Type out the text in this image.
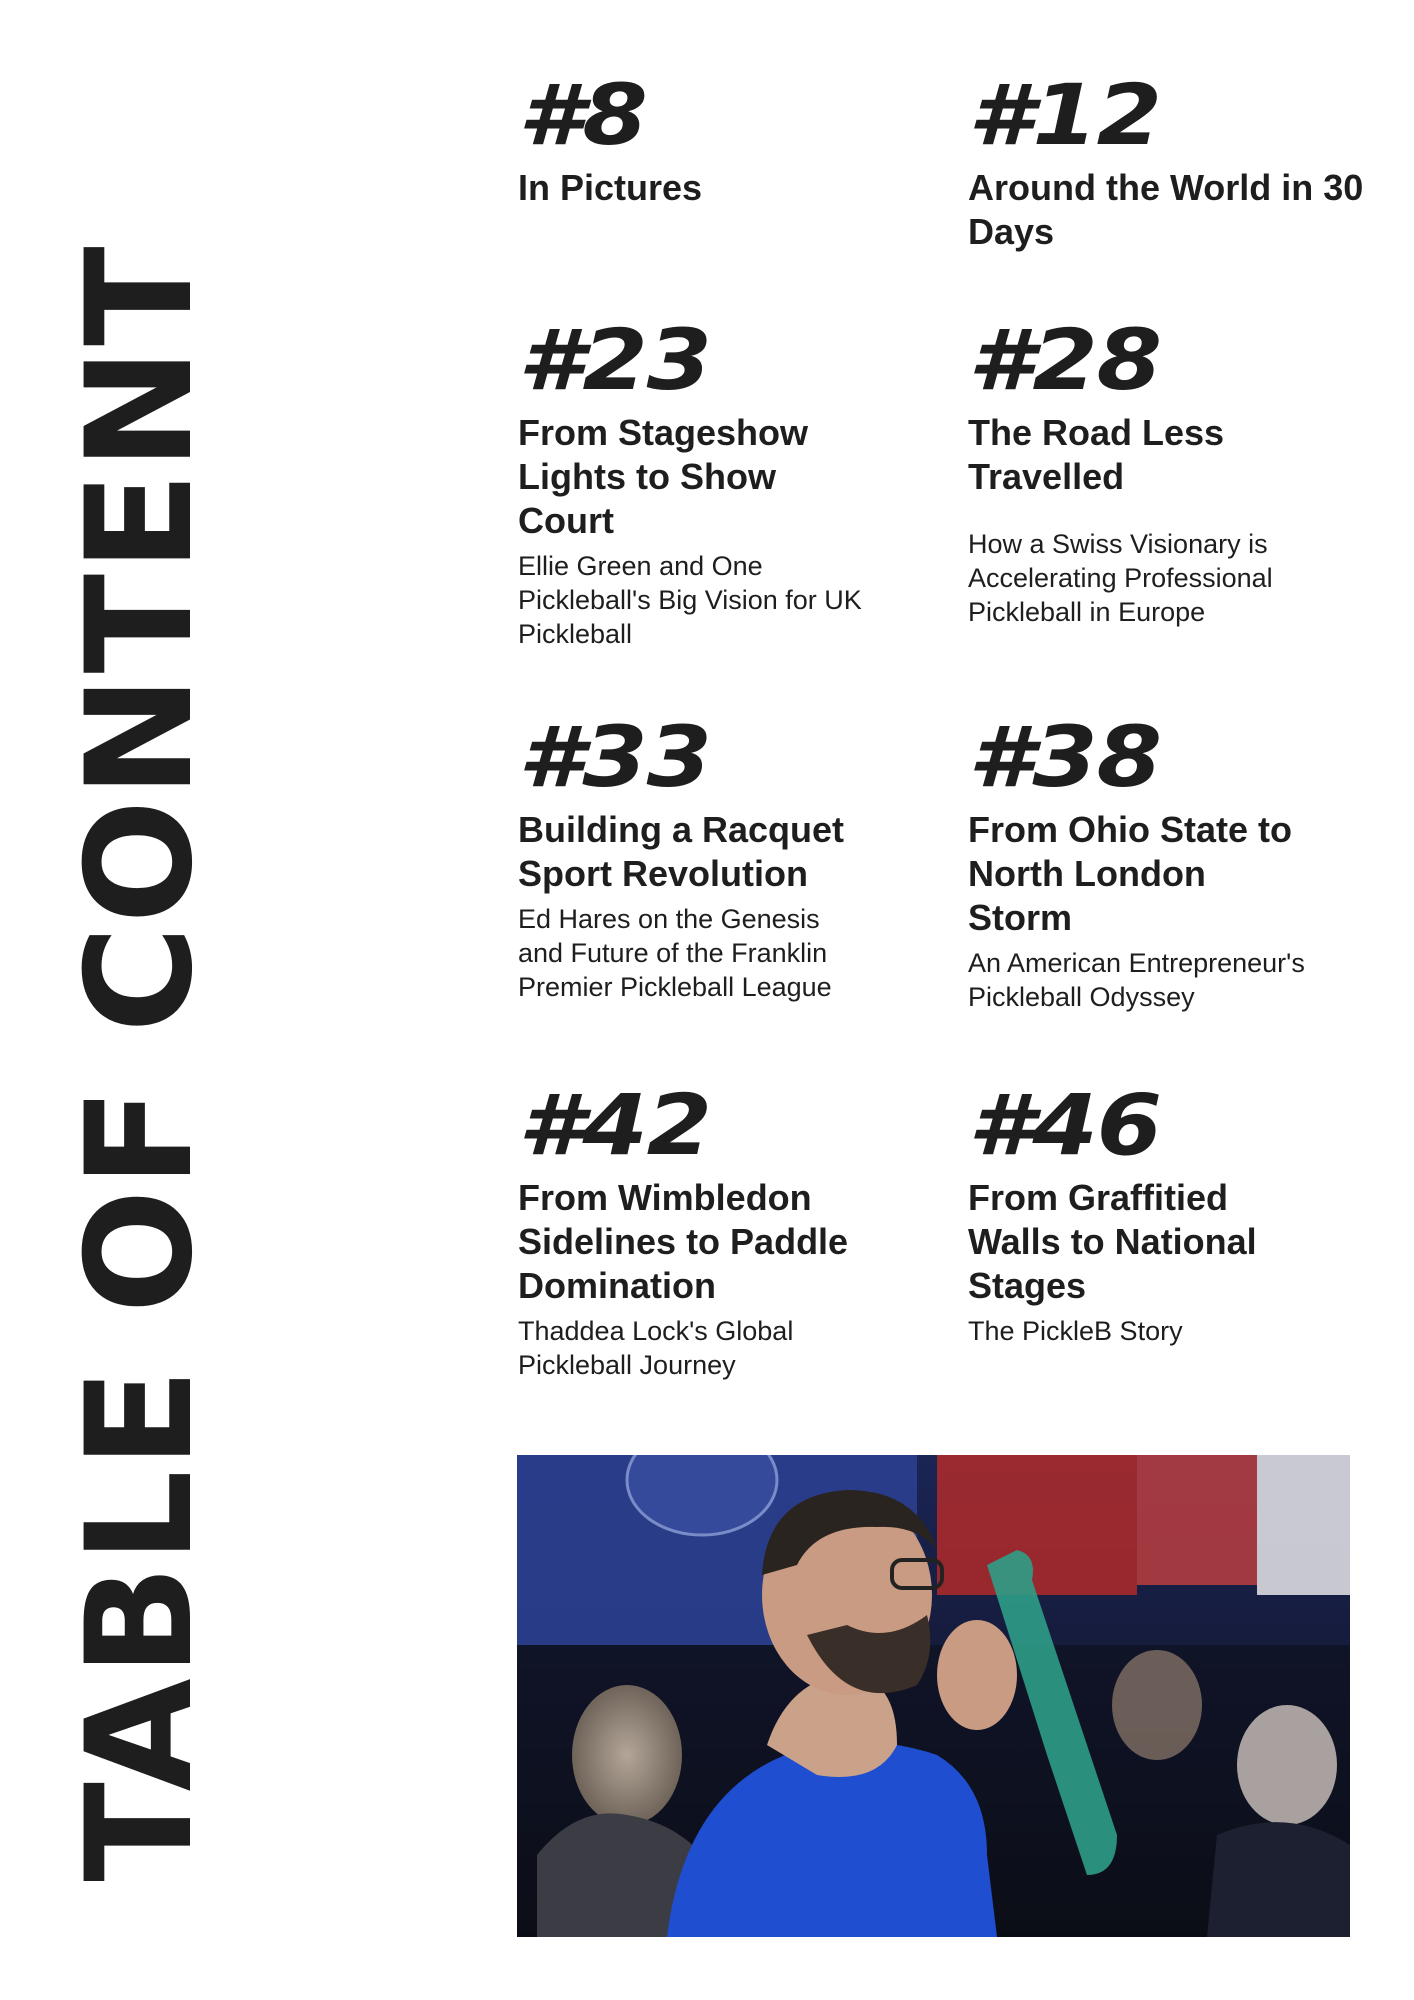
TABLE OF CONTENT
#8
In Pictures
#12
Around the World in 30 Days
#23
From Stageshow Lights to Show Court
Ellie Green and One Pickleball's Big Vision for UK Pickleball
#28
The Road Less Travelled
How a Swiss Visionary is Accelerating Professional Pickleball in Europe
#33
Building a Racquet Sport Revolution
Ed Hares on the Genesis and Future of the Franklin Premier Pickleball League
#38
From Ohio State to North London Storm
An American Entrepreneur's Pickleball Odyssey
#42
From Wimbledon Sidelines to Paddle Domination
Thaddea Lock's Global Pickleball Journey
#46
From Graffitied Walls to National Stages
The PickleB Story
